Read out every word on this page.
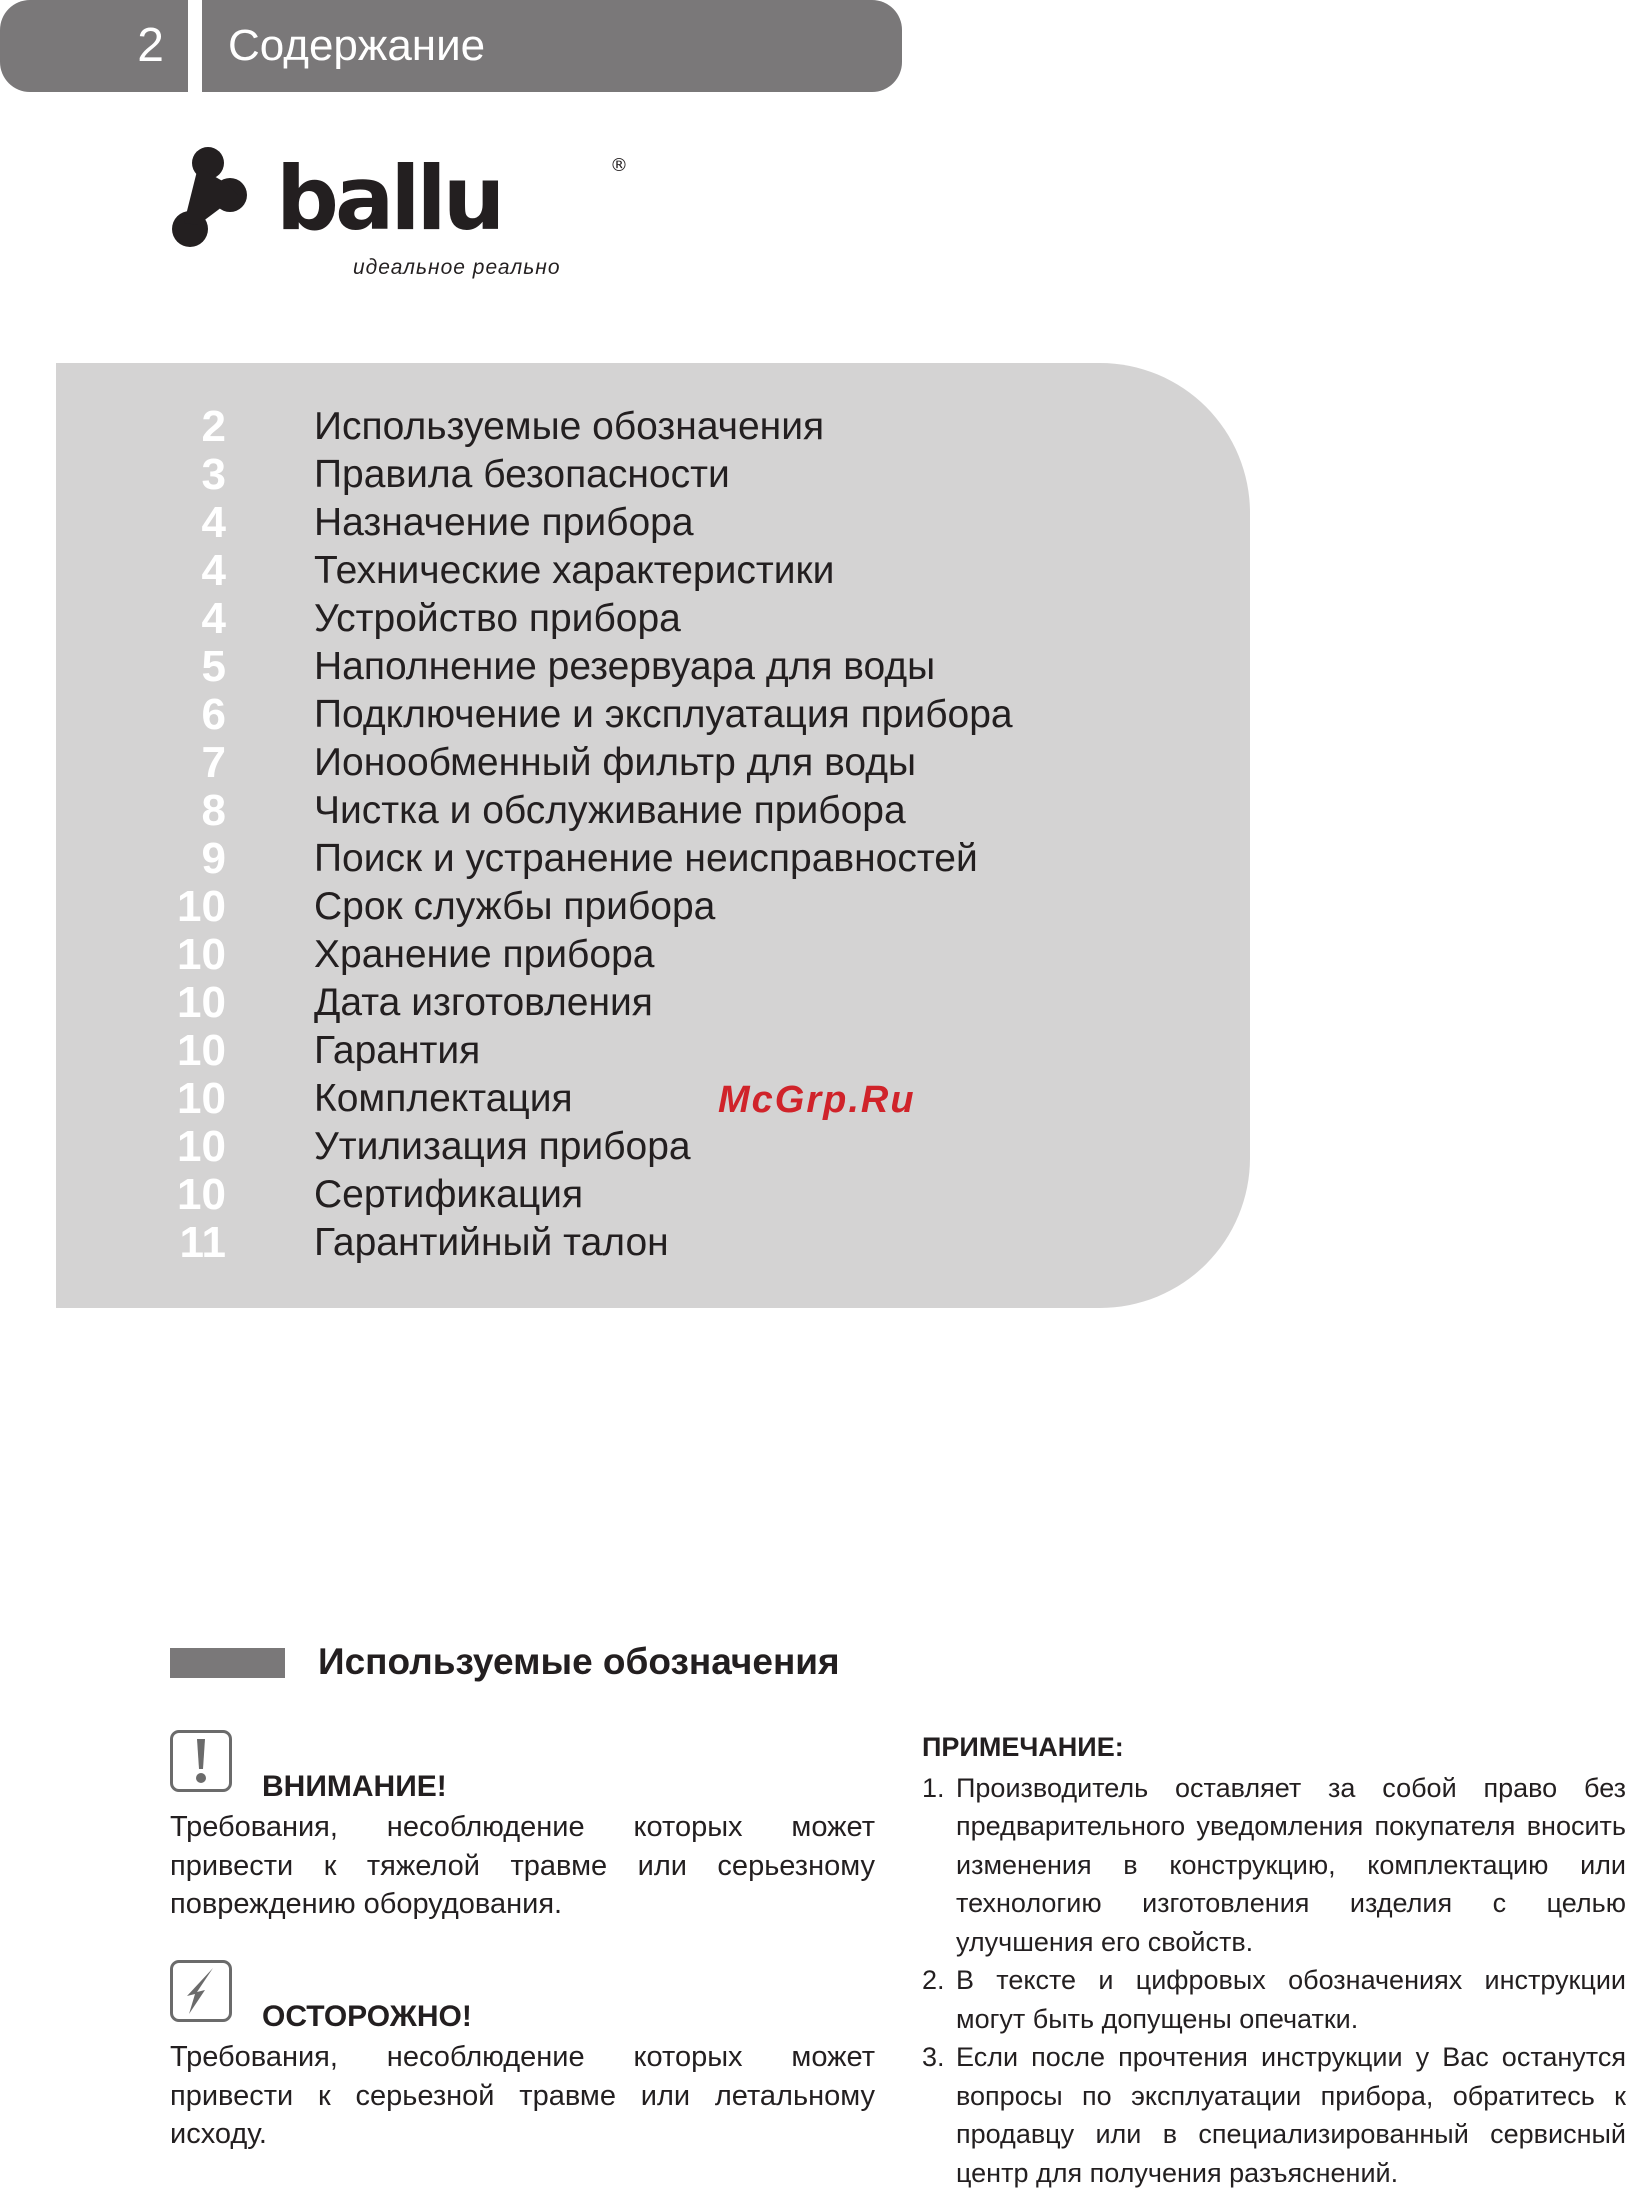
2	Содержание
ballu	®
идеальное реально
2 Используемые обозначения
3 Правила безопасности
4 Назначение прибора
4 Технические характеристики
4 Устройство прибора
5 Наполнение резервуара для воды
6 Подключение и эксплуатация прибора
7 Ионообменный фильтр для воды
8 Чистка и обслуживание прибора
9 Поиск и устранение неисправностей
10 Срок службы прибора
10 Хранение прибора
10 Дата изготовления
10 Гарантия
10 Комплектация
10 Утилизация прибора
10 Сертификация
11 Гарантийный талон
McGrp.Ru
Используемые обозначения
ВНИМАНИЕ!
Требования, несоблюдение которых может привести к тяжелой травме или серьезному повреждению оборудования.
ОСТОРОЖНО!
Требования, несоблюдение которых может привести к серьезной травме или летальному исходу.
ПРИМЕЧАНИЕ:
1. Производитель оставляет за собой право без предварительного уведомления покупателя вносить изменения в конструкцию, комплектацию или технологию изготовления изделия с целью улучшения его свойств.
2. В тексте и цифровых обозначениях инструкции могут быть допущены опечатки.
3. Если после прочтения инструкции у Вас останутся вопросы по эксплуатации прибора, обратитесь к продавцу или в специализированный сервисный центр для получения разъяснений.
